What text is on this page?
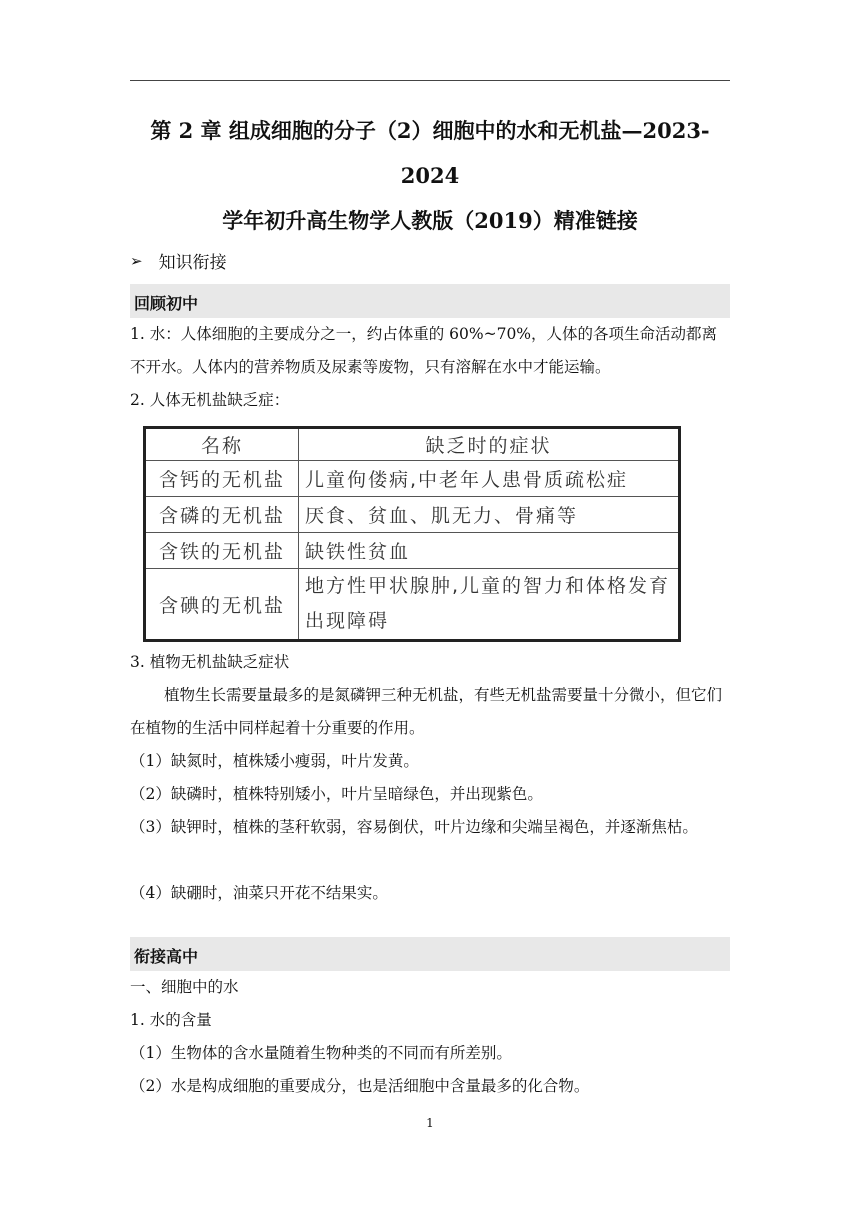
第 2 章 组成细胞的分子（2）细胞中的水和无机盐—2023-2024
学年初升高生物学人教版（2019）精准链接
➢ 知识衔接
回顾初中
1. 水：人体细胞的主要成分之一，约占体重的 60%~70%，人体的各项生命活动都离不开水。人体内的营养物质及尿素等废物，只有溶解在水中才能运输。
2. 人体无机盐缺乏症：
名称	缺乏时的症状
含钙的无机盐	儿童佝偻病,中老年人患骨质疏松症
含磷的无机盐	厌食、贫血、肌无力、骨痛等
含铁的无机盐	缺铁性贫血
含碘的无机盐	地方性甲状腺肿,儿童的智力和体格发育出现障碍
3. 植物无机盐缺乏症状
植物生长需要量最多的是氮磷钾三种无机盐，有些无机盐需要量十分微小，但它们在植物的生活中同样起着十分重要的作用。
（1）缺氮时，植株矮小瘦弱，叶片发黄。
（2）缺磷时，植株特别矮小，叶片呈暗绿色，并出现紫色。
（3）缺钾时，植株的茎秆软弱，容易倒伏，叶片边缘和尖端呈褐色，并逐渐焦枯。
（4）缺硼时，油菜只开花不结果实。
衔接高中
一、细胞中的水
1. 水的含量
（1）生物体的含水量随着生物种类的不同而有所差别。
（2）水是构成细胞的重要成分，也是活细胞中含量最多的化合物。
1
